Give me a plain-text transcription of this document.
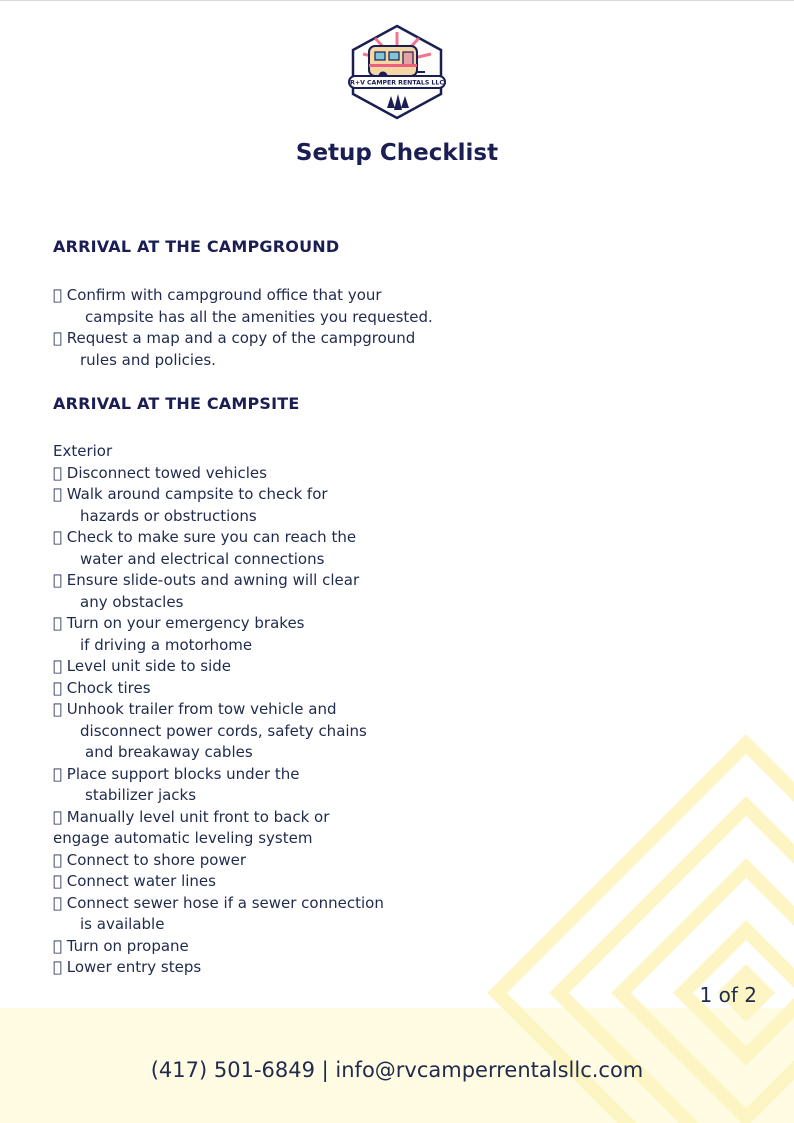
R+V CAMPER RENTALS LLC
Setup Checklist
ARRIVAL AT THE CAMPGROUND
Confirm with campground office that your
campsite has all the amenities you requested.
Request a map and a copy of the campground
rules and policies.
ARRIVAL AT THE CAMPSITE
Exterior
Disconnect towed vehicles
Walk around campsite to check for
hazards or obstructions
Check to make sure you can reach the
water and electrical connections
Ensure slide-outs and awning will clear
any obstacles
Turn on your emergency brakes
if driving a motorhome
Level unit side to side
Chock tires
Unhook trailer from tow vehicle and
disconnect power cords, safety chains
and breakaway cables
Place support blocks under the
stabilizer jacks
Manually level unit front to back or
engage automatic leveling system
Connect to shore power
Connect water lines
Connect sewer hose if a sewer connection
is available
Turn on propane
Lower entry steps

1 of 2

(417) 501-6849 | info@rvcamperrentalsllc.com
